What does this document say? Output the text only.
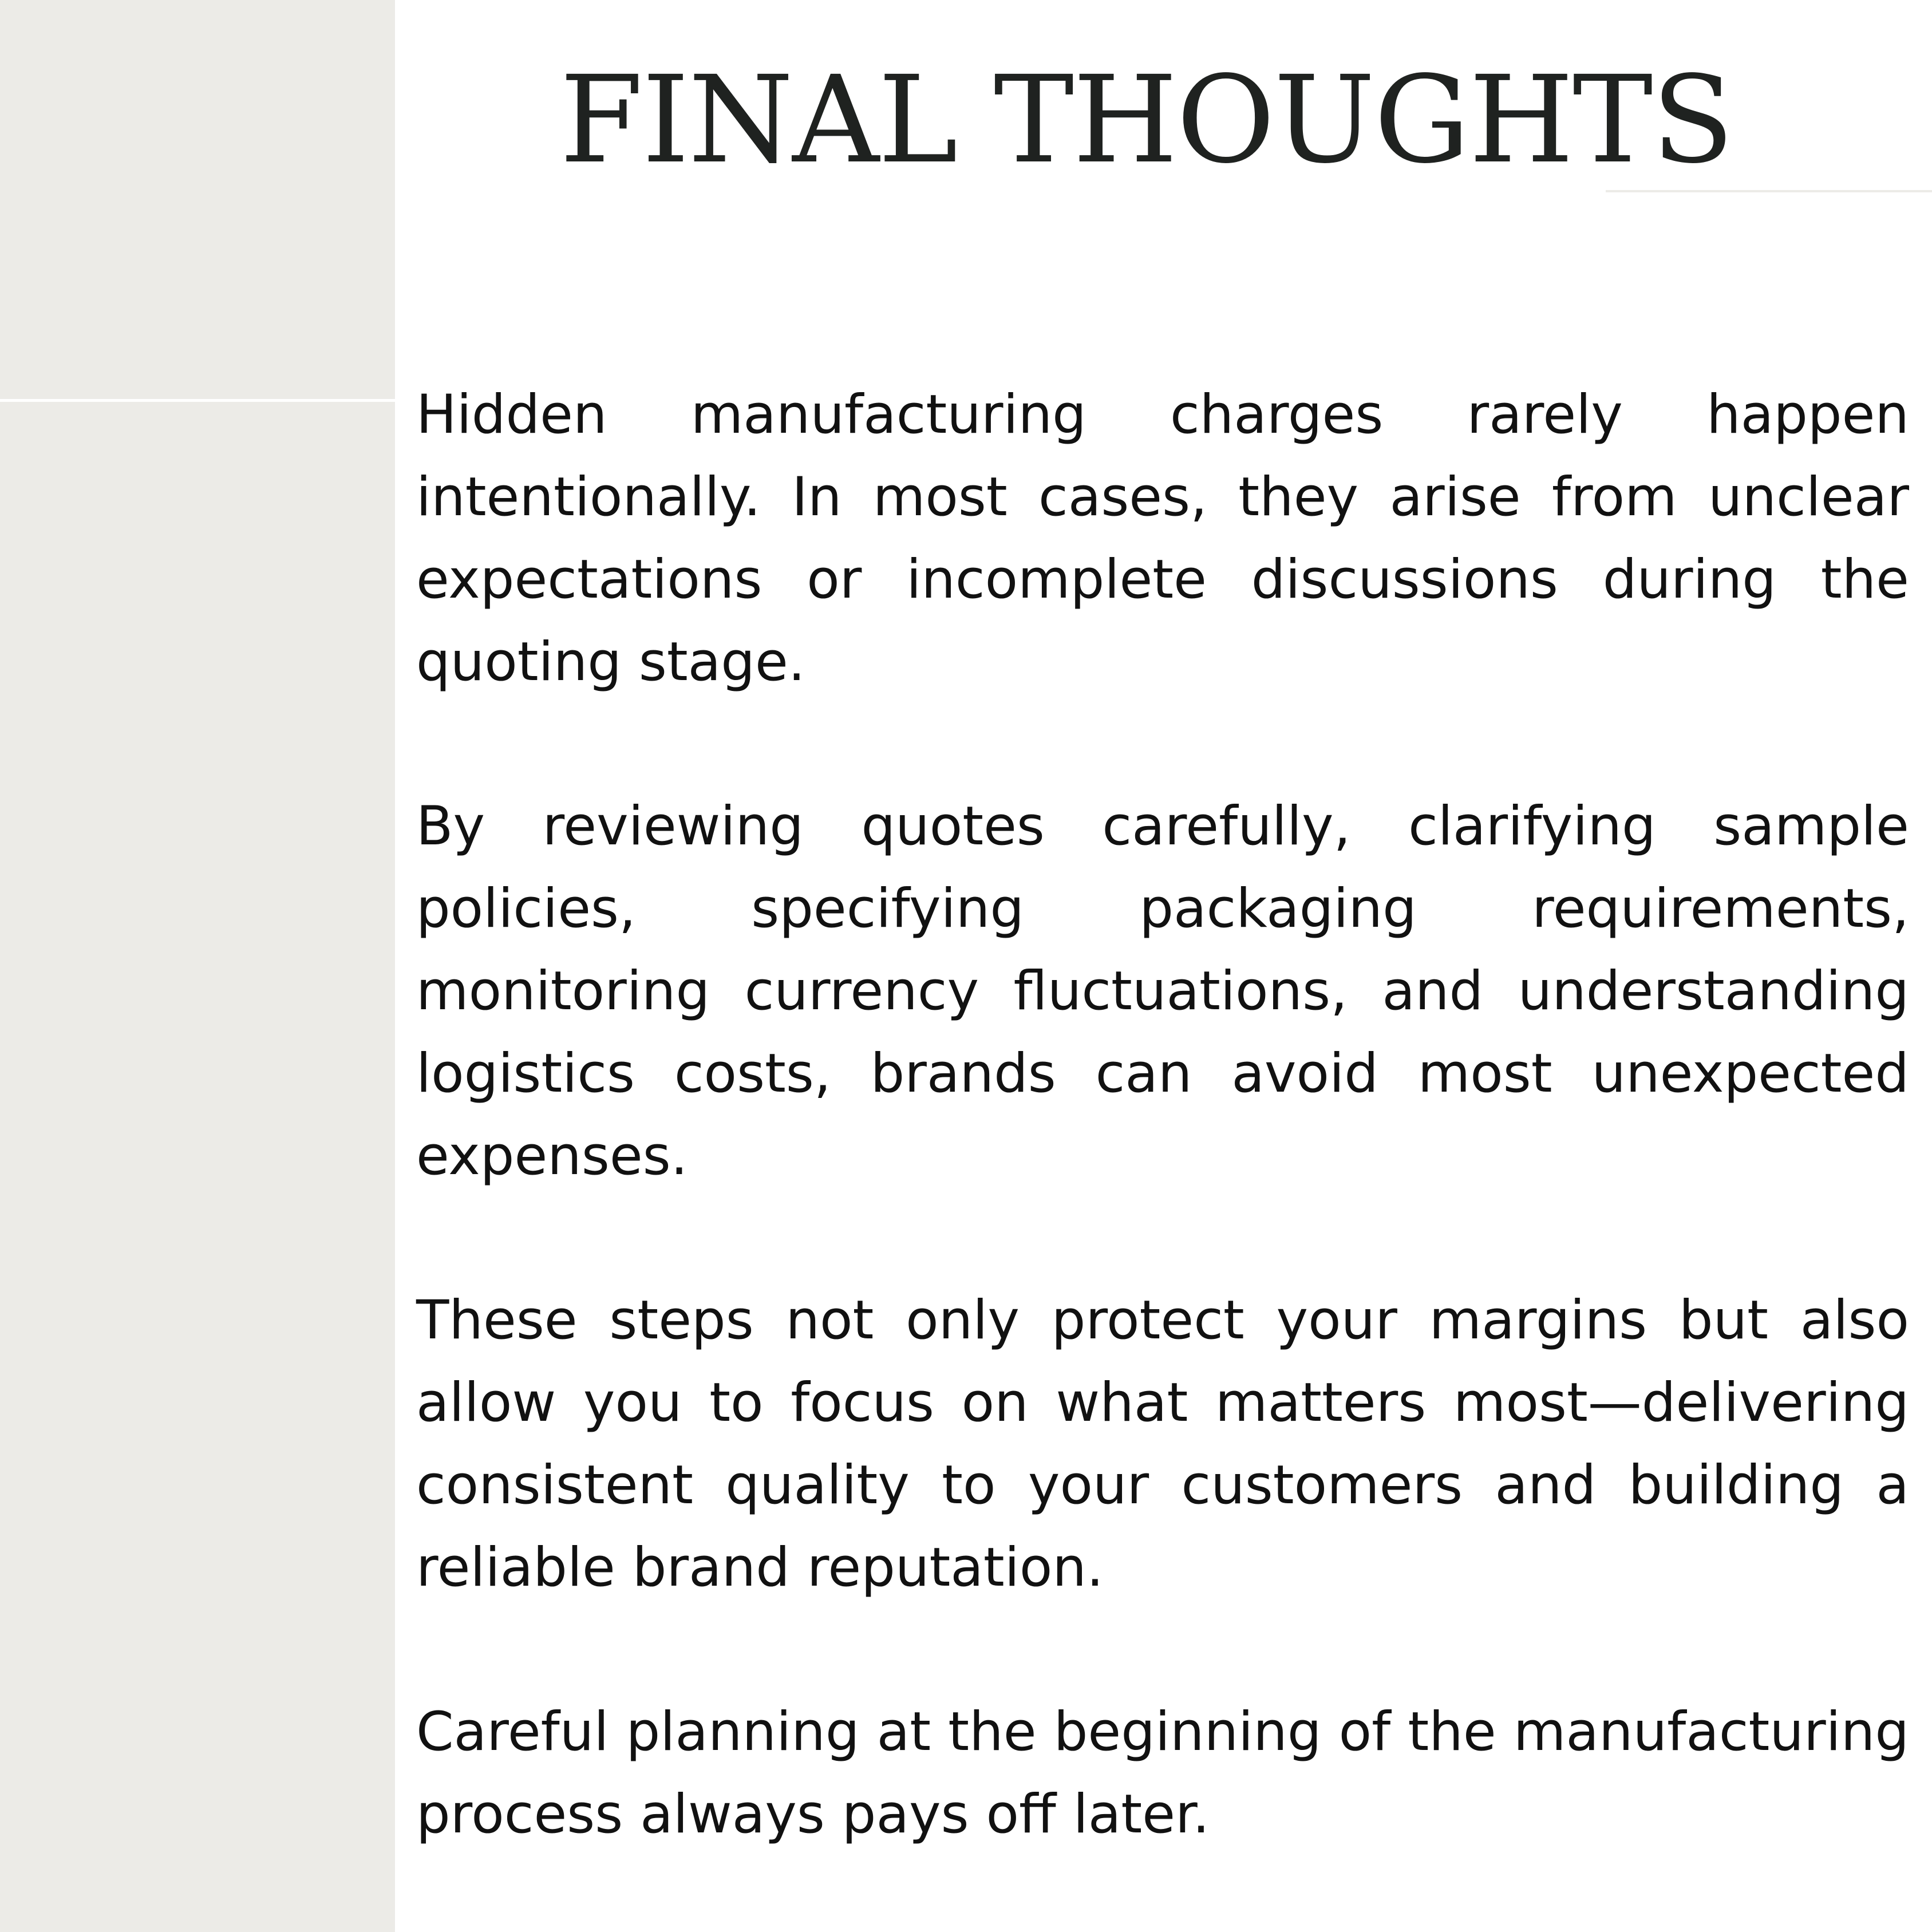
FINAL THOUGHTS

Hidden manufacturing charges rarely happen intentionally. In most cases, they arise from unclear expectations or incomplete discussions during the quoting stage.

By reviewing quotes carefully, clarifying sample policies, specifying packaging requirements, monitoring currency fluctuations, and understanding logistics costs, brands can avoid most unexpected expenses.

These steps not only protect your margins but also allow you to focus on what matters most—delivering consistent quality to your customers and building a reliable brand reputation.

Careful planning at the beginning of the manufacturing process always pays off later.
